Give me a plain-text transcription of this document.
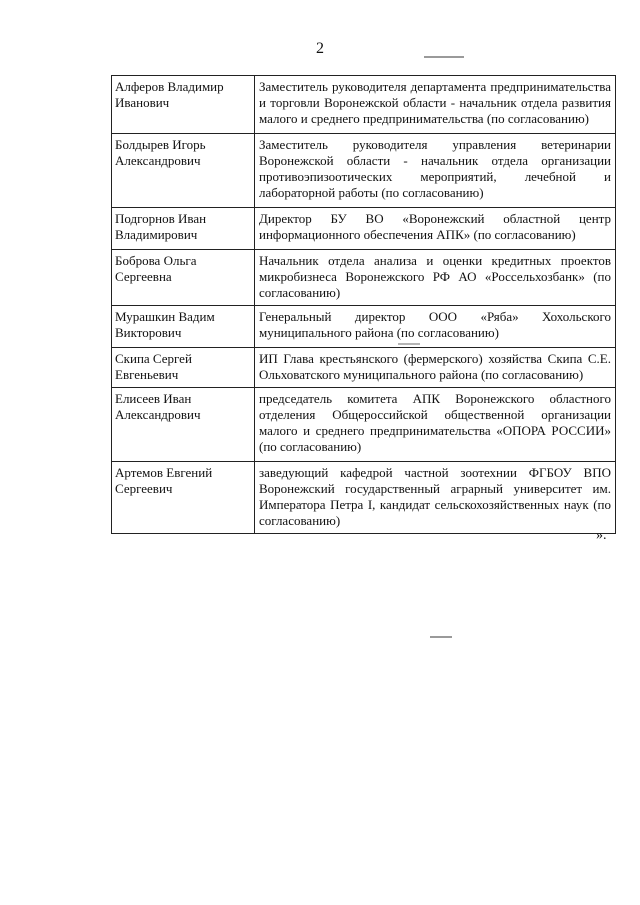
2
Алферов Владимир Иванович	Заместитель руководителя департамента предпринимательства и торговли Воронежской области - начальник отдела развития малого и среднего предпринимательства (по согласованию)
Болдырев Игорь Александрович	Заместитель руководителя управления ветеринарии Воронежской области - начальник отдела организации противоэпизоотических мероприятий, лечебной и лабораторной работы (по согласованию)
Подгорнов Иван Владимирович	Директор БУ ВО «Воронежский областной центр информационного обеспечения АПК» (по согласованию)
Боброва Ольга Сергеевна	Начальник отдела анализа и оценки кредитных проектов микробизнеса Воронежского РФ АО «Россельхозбанк» (по согласованию)
Мурашкин Вадим Викторович	Генеральный директор ООО «Ряба» Хохольского муниципального района (по согласованию)
Скипа Сергей Евгеньевич	ИП Глава крестьянского (фермерского) хозяйства Скипа С.Е. Ольховатского муниципального района (по согласованию)
Елисеев Иван Александрович	председатель комитета АПК Воронежского областного отделения Общероссийской общественной организации малого и среднего предпринимательства «ОПОРА РОССИИ» (по согласованию)
Артемов Евгений Сергеевич	заведующий кафедрой частной зоотехнии ФГБОУ ВПО Воронежский государственный аграрный университет им. Императора Петра I, кандидат сельскохозяйственных наук (по согласованию)
».
